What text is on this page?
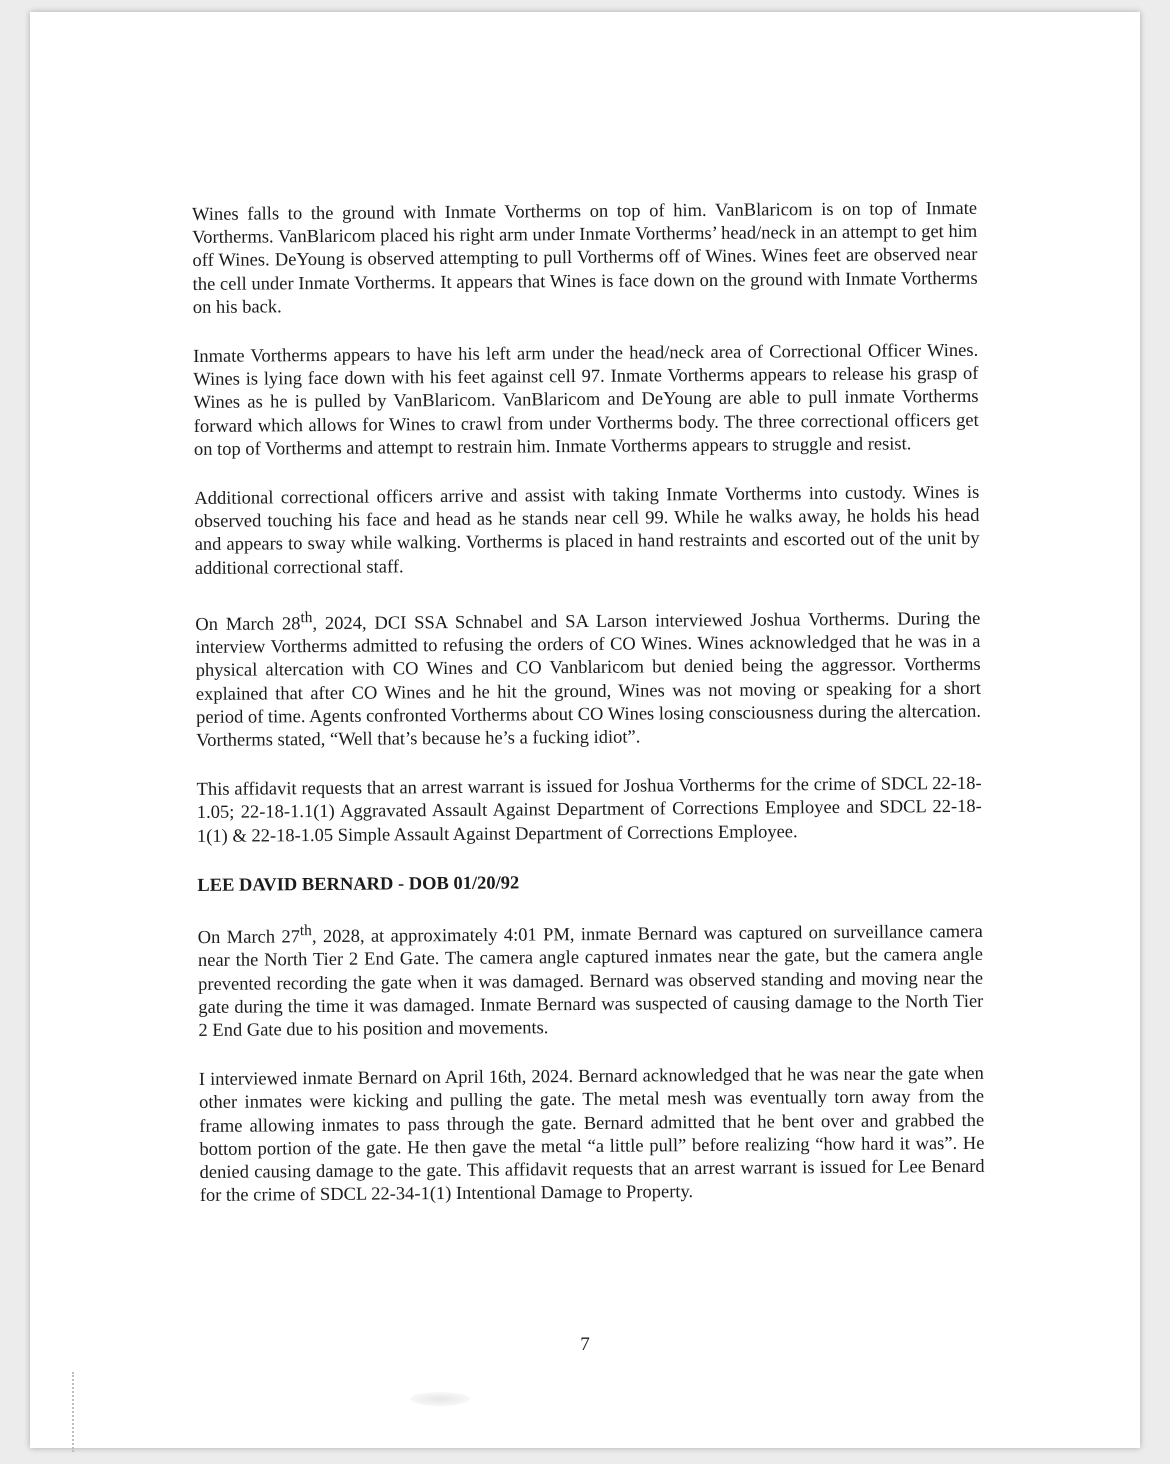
Wines falls to the ground with Inmate Vortherms on top of him. VanBlaricom is on top of Inmate Vortherms. VanBlaricom placed his right arm under Inmate Vortherms’ head/neck in an attempt to get him off Wines. DeYoung is observed attempting to pull Vortherms off of Wines. Wines feet are observed near the cell under Inmate Vortherms. It appears that Wines is face down on the ground with Inmate Vortherms on his back.

Inmate Vortherms appears to have his left arm under the head/neck area of Correctional Officer Wines. Wines is lying face down with his feet against cell 97. Inmate Vortherms appears to release his grasp of Wines as he is pulled by VanBlaricom. VanBlaricom and DeYoung are able to pull inmate Vortherms forward which allows for Wines to crawl from under Vortherms body. The three correctional officers get on top of Vortherms and attempt to restrain him. Inmate Vortherms appears to struggle and resist.

Additional correctional officers arrive and assist with taking Inmate Vortherms into custody. Wines is observed touching his face and head as he stands near cell 99. While he walks away, he holds his head and appears to sway while walking. Vortherms is placed in hand restraints and escorted out of the unit by additional correctional staff.

On March 28th, 2024, DCI SSA Schnabel and SA Larson interviewed Joshua Vortherms. During the interview Vortherms admitted to refusing the orders of CO Wines. Wines acknowledged that he was in a physical altercation with CO Wines and CO Vanblaricom but denied being the aggressor. Vortherms explained that after CO Wines and he hit the ground, Wines was not moving or speaking for a short period of time. Agents confronted Vortherms about CO Wines losing consciousness during the altercation. Vortherms stated, “Well that’s because he’s a fucking idiot”.

This affidavit requests that an arrest warrant is issued for Joshua Vortherms for the crime of SDCL 22-18-1.05; 22-18-1.1(1) Aggravated Assault Against Department of Corrections Employee and SDCL 22-18-1(1) & 22-18-1.05 Simple Assault Against Department of Corrections Employee.

LEE DAVID BERNARD - DOB 01/20/92

On March 27th, 2028, at approximately 4:01 PM, inmate Bernard was captured on surveillance camera near the North Tier 2 End Gate. The camera angle captured inmates near the gate, but the camera angle prevented recording the gate when it was damaged. Bernard was observed standing and moving near the gate during the time it was damaged. Inmate Bernard was suspected of causing damage to the North Tier 2 End Gate due to his position and movements.

I interviewed inmate Bernard on April 16th, 2024. Bernard acknowledged that he was near the gate when other inmates were kicking and pulling the gate. The metal mesh was eventually torn away from the frame allowing inmates to pass through the gate. Bernard admitted that he bent over and grabbed the bottom portion of the gate. He then gave the metal “a little pull” before realizing “how hard it was”. He denied causing damage to the gate. This affidavit requests that an arrest warrant is issued for Lee Benard for the crime of SDCL 22-34-1(1) Intentional Damage to Property.

7
